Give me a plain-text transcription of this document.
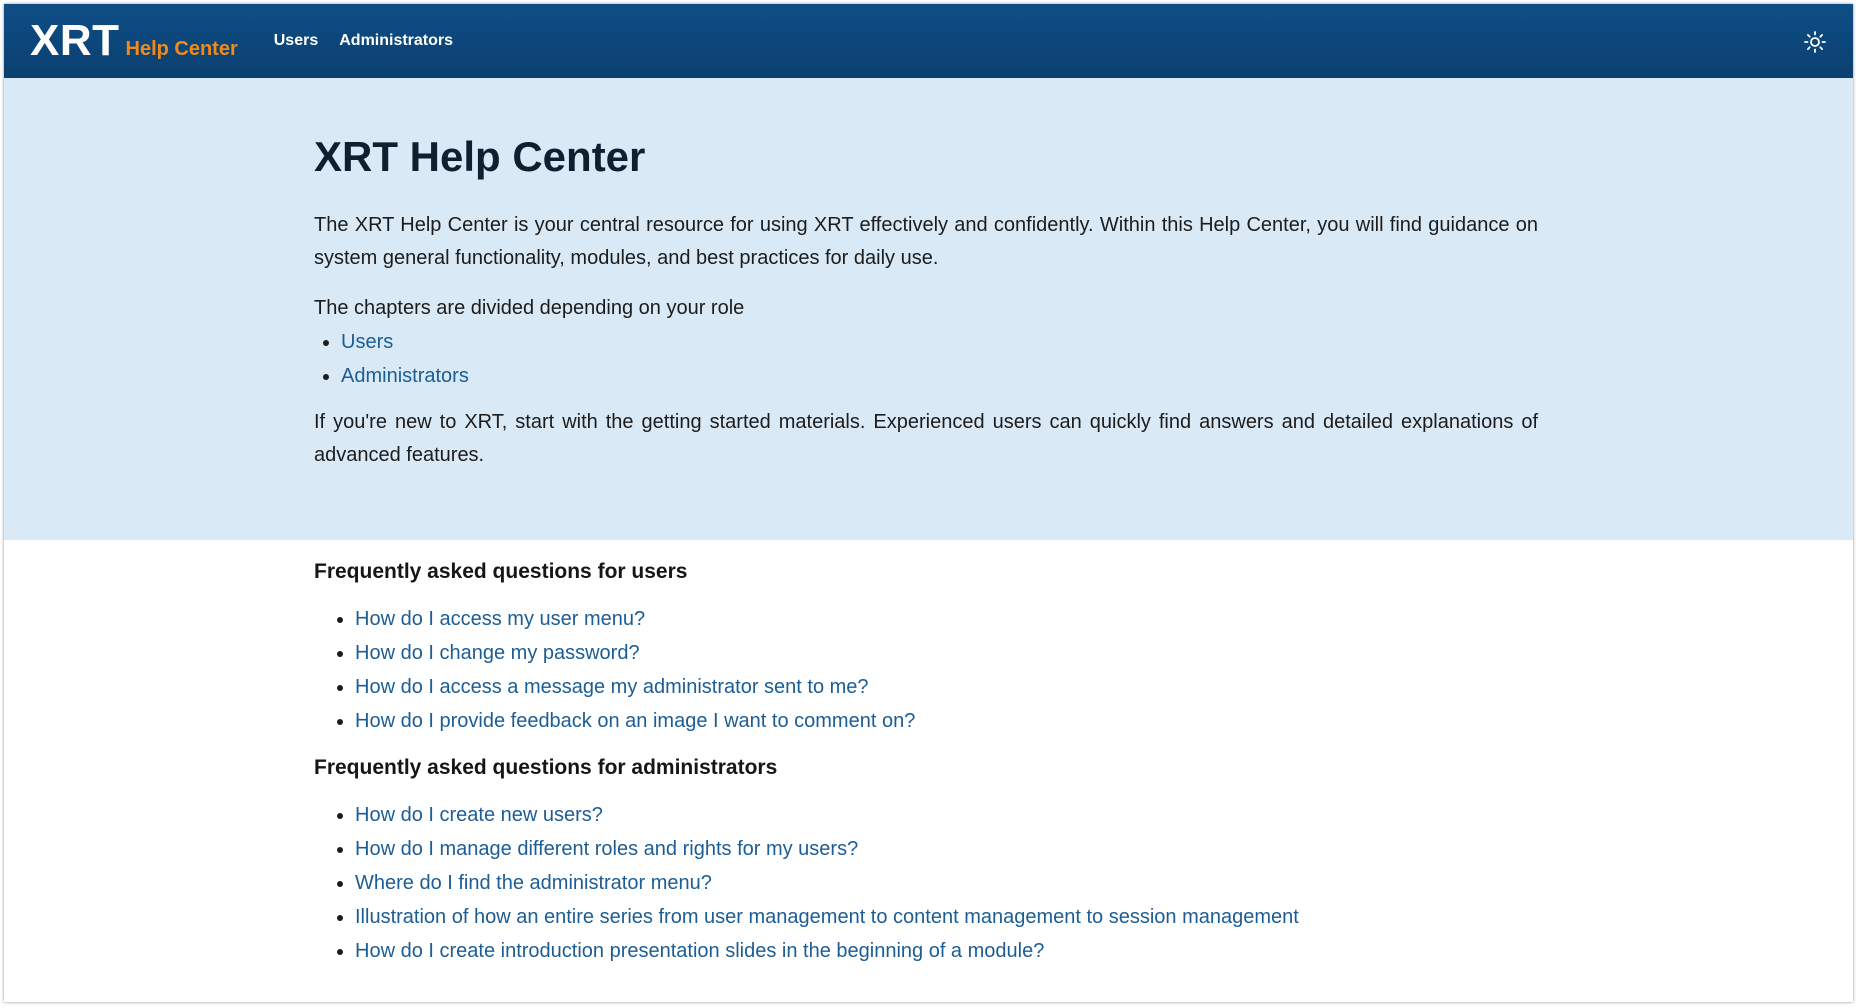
XRT Help Center Users Administrators
XRT Help Center

The XRT Help Center is your central resource for using XRT effectively and confidently. Within this Help Center, you will find guidance on system general functionality, modules, and best practices for daily use.

The chapters are divided depending on your role

• Users
• Administrators

If you're new to XRT, start with the getting started materials. Experienced users can quickly find answers and detailed explanations of advanced features.

Frequently asked questions for users
• How do I access my user menu?
• How do I change my password?
• How do I access a message my administrator sent to me?
• How do I provide feedback on an image I want to comment on?
Frequently asked questions for administrators
• How do I create new users?
• How do I manage different roles and rights for my users?
• Where do I find the administrator menu?
• Illustration of how an entire series from user management to content management to session management
• How do I create introduction presentation slides in the beginning of a module?
